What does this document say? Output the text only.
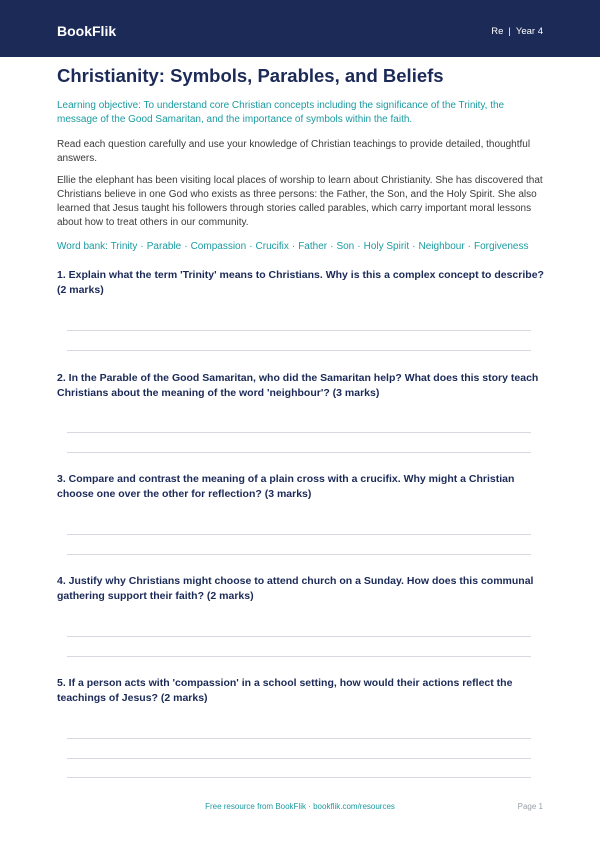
BookFlik	Re | Year 4
Christianity: Symbols, Parables, and Beliefs
Learning objective: To understand core Christian concepts including the significance of the Trinity, the message of the Good Samaritan, and the importance of symbols within the faith.
Read each question carefully and use your knowledge of Christian teachings to provide detailed, thoughtful answers.
Ellie the elephant has been visiting local places of worship to learn about Christianity. She has discovered that Christians believe in one God who exists as three persons: the Father, the Son, and the Holy Spirit. She also learned that Jesus taught his followers through stories called parables, which carry important moral lessons about how to treat others in our community.
Word bank: Trinity · Parable · Compassion · Crucifix · Father · Son · Holy Spirit · Neighbour · Forgiveness
1. Explain what the term 'Trinity' means to Christians. Why is this a complex concept to describe? (2 marks)
2. In the Parable of the Good Samaritan, who did the Samaritan help? What does this story teach Christians about the meaning of the word 'neighbour'? (3 marks)
3. Compare and contrast the meaning of a plain cross with a crucifix. Why might a Christian choose one over the other for reflection? (3 marks)
4. Justify why Christians might choose to attend church on a Sunday. How does this communal gathering support their faith? (2 marks)
5. If a person acts with 'compassion' in a school setting, how would their actions reflect the teachings of Jesus? (2 marks)
Free resource from BookFlik · bookflik.com/resources	Page 1
